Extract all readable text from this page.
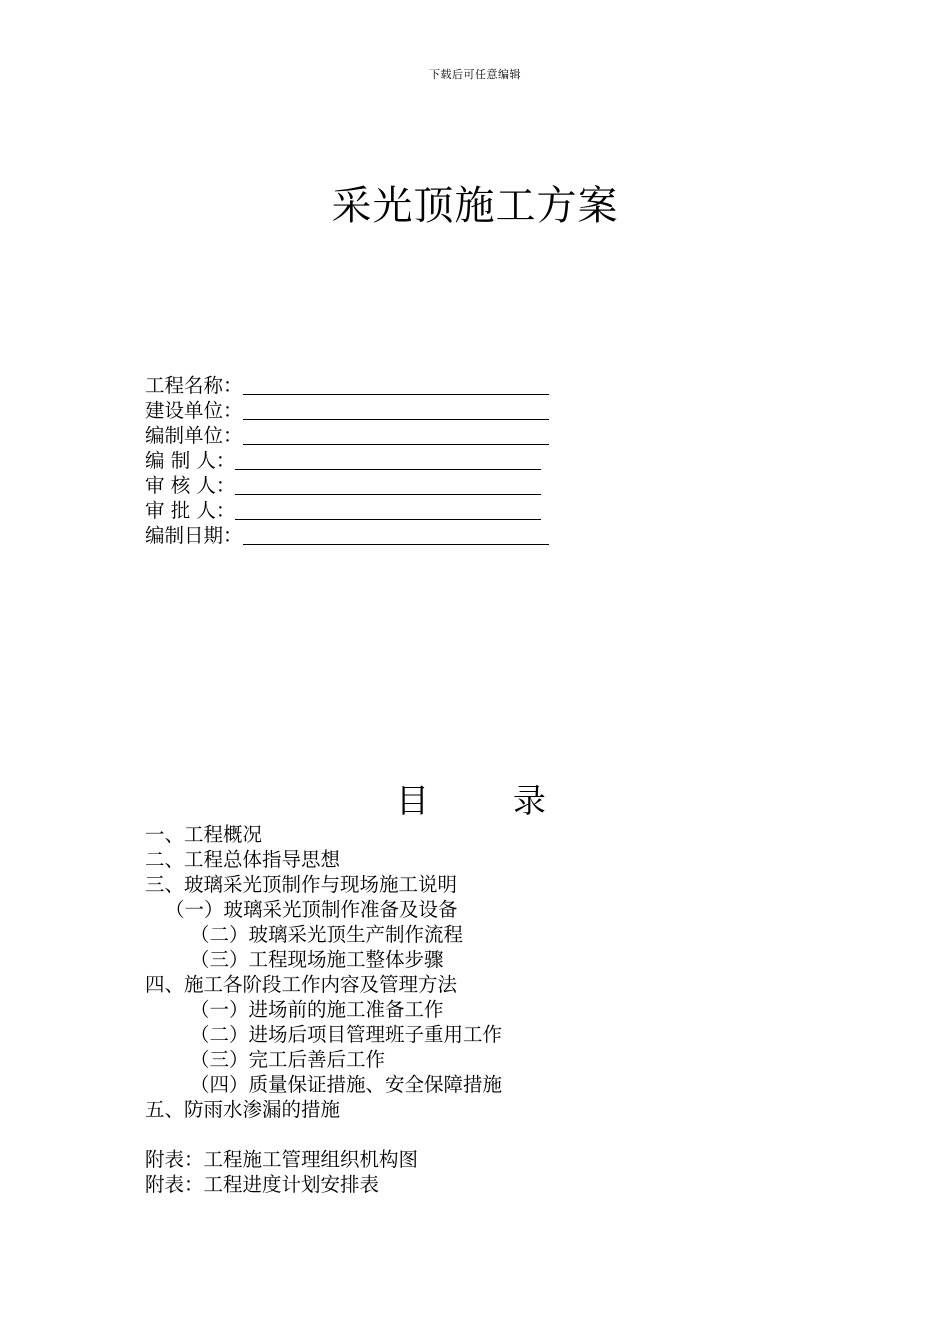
下载后可任意编辑
采光顶施工方案
工程名称：
建设单位：
编制单位：
编 制 人：
审 核 人：
审 批 人：
编制日期：
目        录
一、工程概况
二、工程总体指导思想
三、玻璃采光顶制作与现场施工说明
（一）玻璃采光顶制作准备及设备
（二）玻璃采光顶生产制作流程
（三）工程现场施工整体步骤
四、施工各阶段工作内容及管理方法
（一）进场前的施工准备工作
（二）进场后项目管理班子重用工作
（三）完工后善后工作
（四）质量保证措施、安全保障措施
五、防雨水渗漏的措施
附表：工程施工管理组织机构图
附表：工程进度计划安排表
